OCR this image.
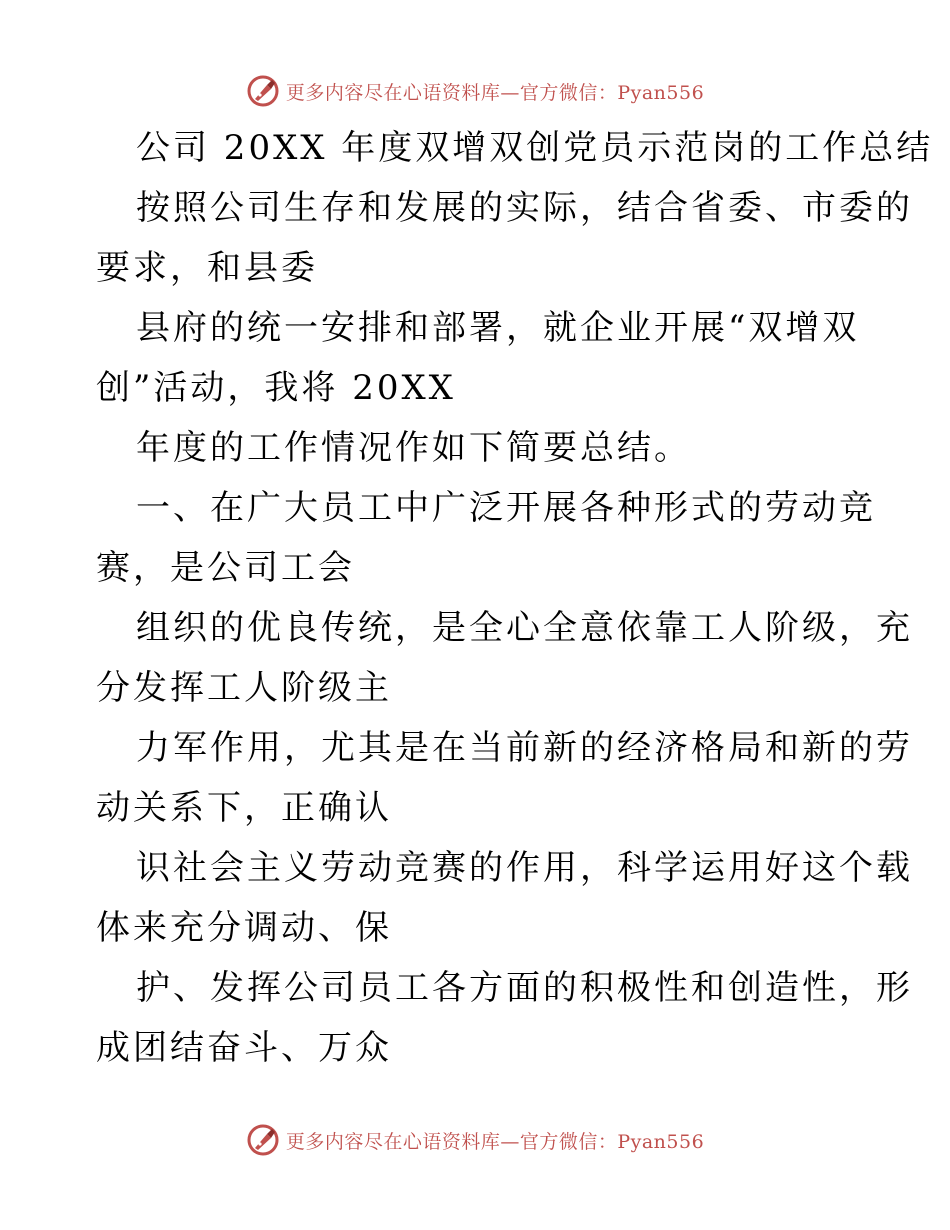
更多内容尽在心语资料库—官方微信：Pyan556
公司 20XX 年度双增双创党员示范岗的工作总结
按照公司生存和发展的实际，结合省委、市委的
要求，和县委
县府的统一安排和部署，就企业开展“双增双
创”活动，我将 20XX
年度的工作情况作如下简要总结。
一、在广大员工中广泛开展各种形式的劳动竞
赛，是公司工会
组织的优良传统，是全心全意依靠工人阶级，充
分发挥工人阶级主
力军作用，尤其是在当前新的经济格局和新的劳
动关系下，正确认
识社会主义劳动竞赛的作用，科学运用好这个载
体来充分调动、保
护、发挥公司员工各方面的积极性和创造性，形
成团结奋斗、万众
更多内容尽在心语资料库—官方微信：Pyan556
